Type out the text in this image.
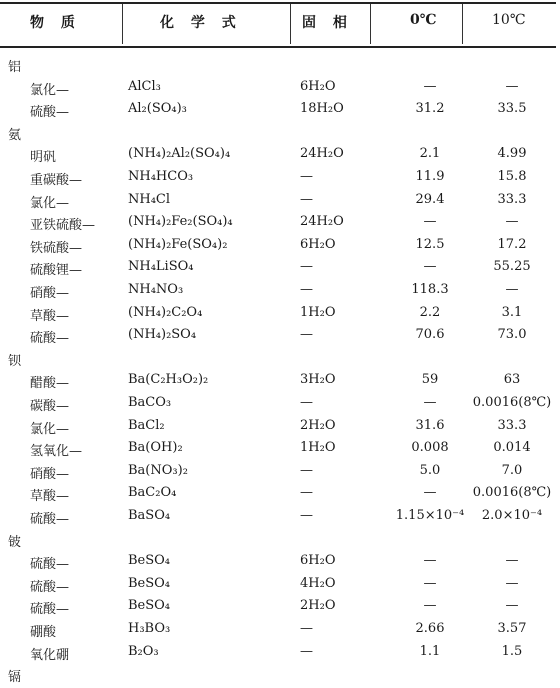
物 质	化 学 式	固 相	0℃	10℃
铝
氯化—	AlCl₃	6H₂O	—	—
硫酸—	Al₂(SO₄)₃	18H₂O	31.2	33.5
氨
明矾	(NH₄)₂Al₂(SO₄)₄	24H₂O	2.1	4.99
重碳酸—	NH₄HCO₃	—	11.9	15.8
氯化—	NH₄Cl	—	29.4	33.3
亚铁硫酸—	(NH₄)₂Fe₂(SO₄)₄	24H₂O	—	—
铁硫酸—	(NH₄)₂Fe(SO₄)₂	6H₂O	12.5	17.2
硫酸锂—	NH₄LiSO₄	—	—	55.25
硝酸—	NH₄NO₃	—	118.3	—
草酸—	(NH₄)₂C₂O₄	1H₂O	2.2	3.1
硫酸—	(NH₄)₂SO₄	—	70.6	73.0
钡
醋酸—	Ba(C₂H₃O₂)₂	3H₂O	59	63
碳酸—	BaCO₃	—	—	0.0016(8℃)
氯化—	BaCl₂	2H₂O	31.6	33.3
氢氧化—	Ba(OH)₂	1H₂O	0.008	0.014
硝酸—	Ba(NO₃)₂	—	5.0	7.0
草酸—	BaC₂O₄	—	—	0.0016(8℃)
硫酸—	BaSO₄	—	1.15×10⁻⁴	2.0×10⁻⁴
铍
硫酸—	BeSO₄	6H₂O	—	—
硫酸—	BeSO₄	4H₂O	—	—
硫酸—	BeSO₄	2H₂O	—	—
硼酸	H₃BO₃	—	2.66	3.57
氧化硼	B₂O₃	—	1.1	1.5
镉
